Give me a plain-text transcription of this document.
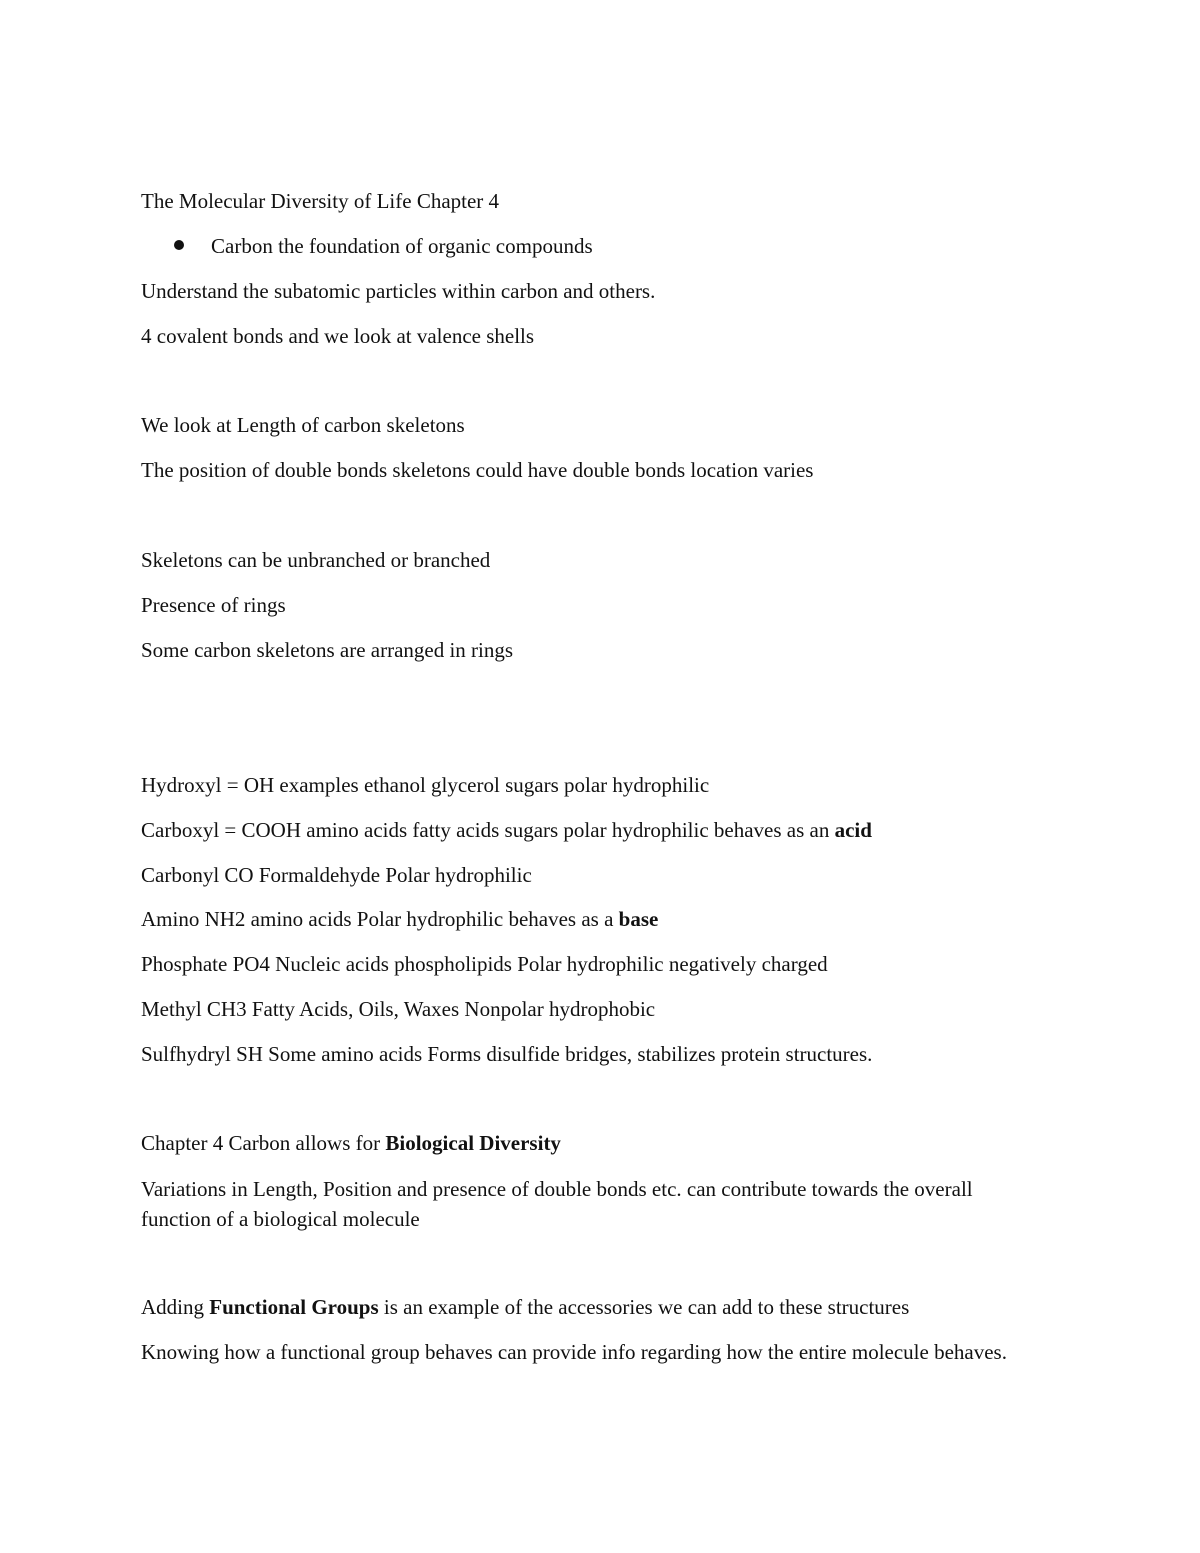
The Molecular Diversity of Life Chapter 4
Carbon the foundation of organic compounds
Understand the subatomic particles within carbon and others.
4 covalent bonds and we look at valence shells
We look at Length of carbon skeletons
The position of double bonds skeletons could have double bonds location varies
Skeletons can be unbranched or branched
Presence of rings
Some carbon skeletons are arranged in rings
Hydroxyl = OH examples ethanol glycerol sugars polar hydrophilic
Carboxyl = COOH amino acids fatty acids sugars polar hydrophilic behaves as an acid
Carbonyl CO Formaldehyde Polar hydrophilic
Amino NH2 amino acids Polar hydrophilic behaves as a base
Phosphate PO4 Nucleic acids phospholipids Polar hydrophilic negatively charged
Methyl CH3 Fatty Acids, Oils, Waxes Nonpolar hydrophobic
Sulfhydryl SH Some amino acids Forms disulfide bridges, stabilizes protein structures.
Chapter 4 Carbon allows for Biological Diversity
Variations in Length, Position and presence of double bonds etc. can contribute towards the overall function of a biological molecule
Adding Functional Groups is an example of the accessories we can add to these structures
Knowing how a functional group behaves can provide info regarding how the entire molecule behaves.
